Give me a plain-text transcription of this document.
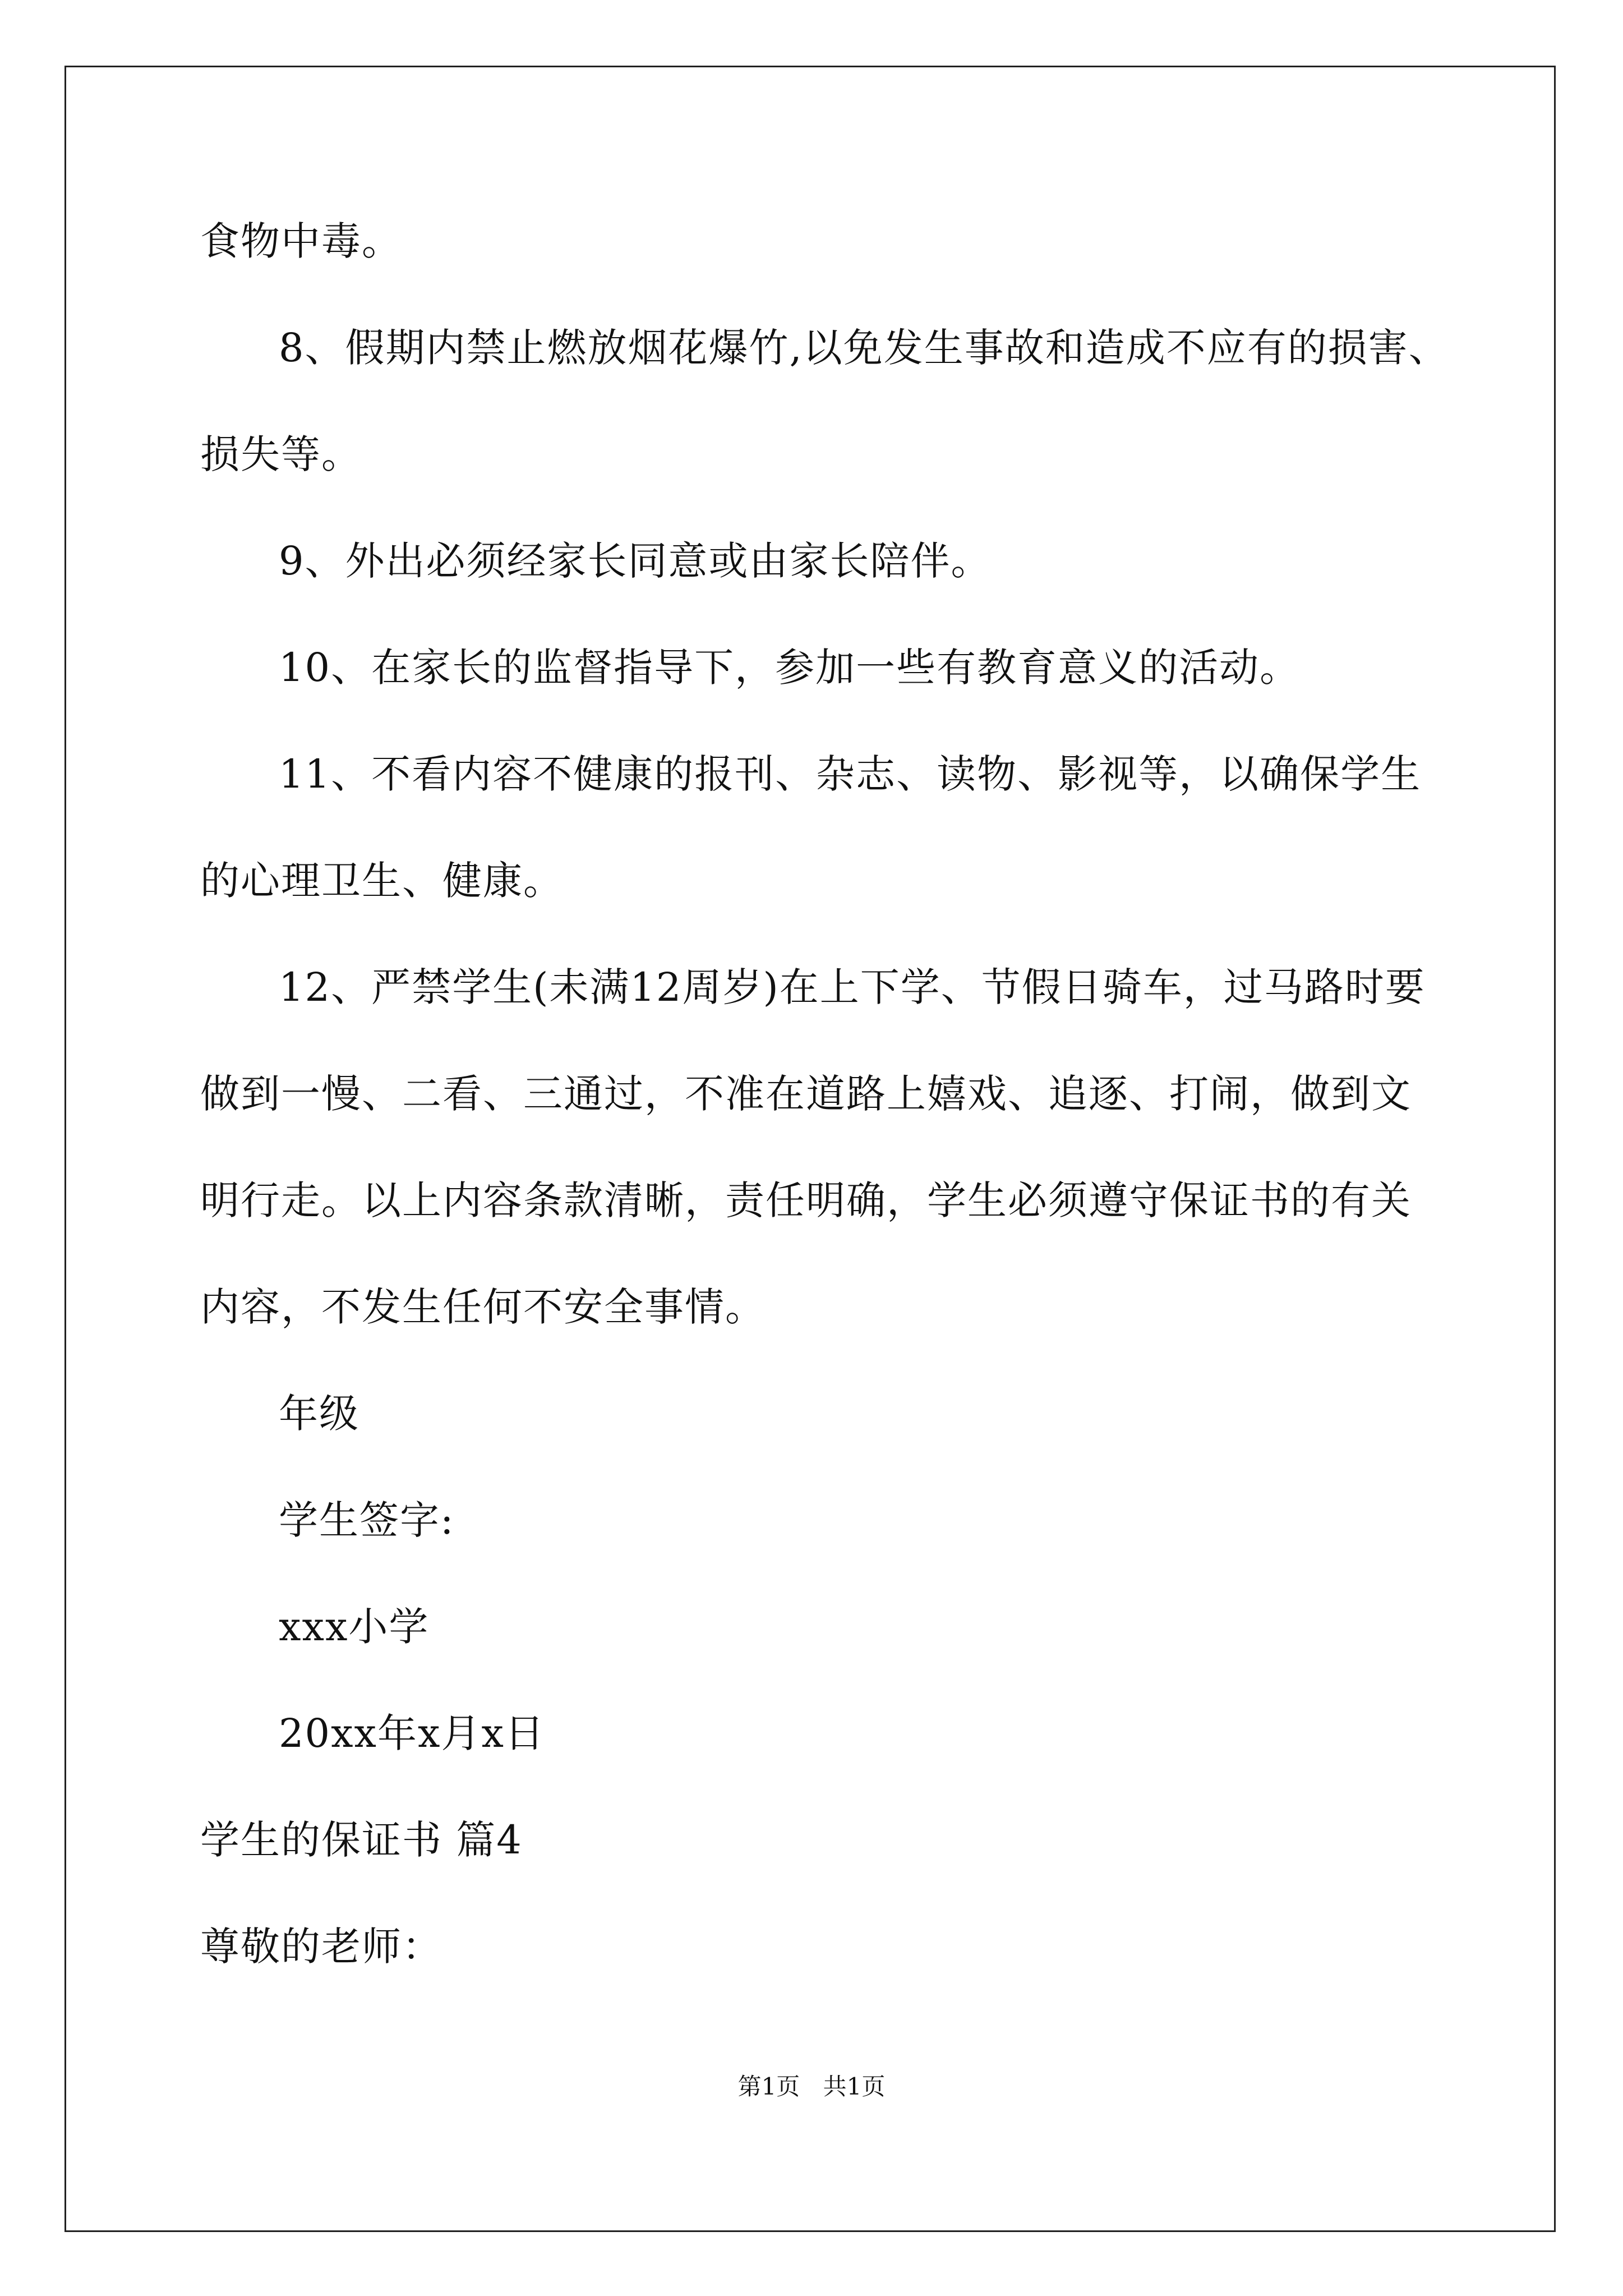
食物中毒。
8、假期内禁止燃放烟花爆竹,以免发生事故和造成不应有的损害、
损失等。
9、外出必须经家长同意或由家长陪伴。
10、在家长的监督指导下，参加一些有教育意义的活动。
11、不看内容不健康的报刊、杂志、读物、影视等，以确保学生
的心理卫生、健康。
12、严禁学生(未满12周岁)在上下学、节假日骑车，过马路时要
做到一慢、二看、三通过，不准在道路上嬉戏、追逐、打闹，做到文
明行走。以上内容条款清晰，责任明确，学生必须遵守保证书的有关
内容，不发生任何不安全事情。
年级
学生签字:
xxx小学
20xx年x月x日
学生的保证书 篇4
尊敬的老师：
第1页 共1页
